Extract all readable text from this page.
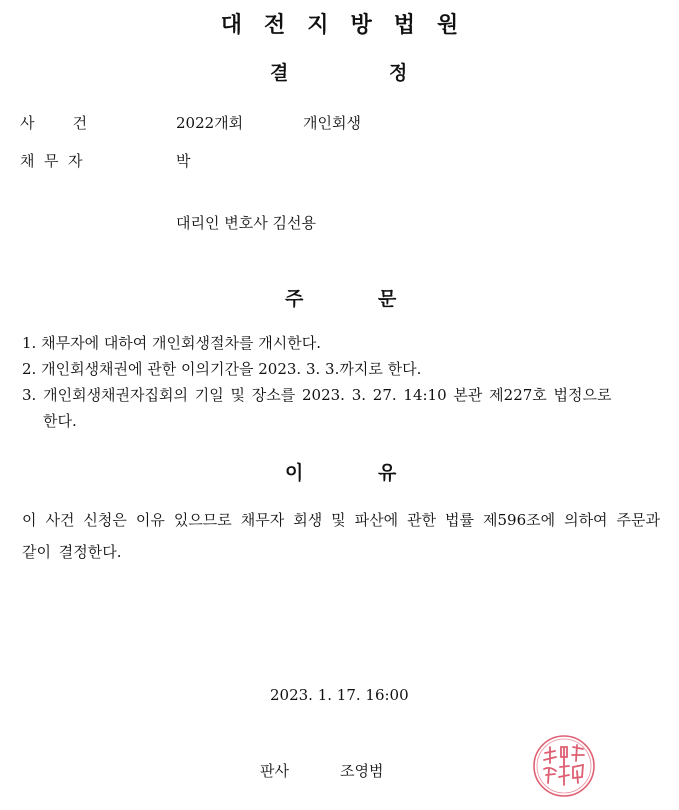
대전지방법원
결	정
사        건	2022개회	개인회생
채  무  자	박
대리인 변호사 김선용
주	문
1. 채무자에 대하여 개인회생절차를 개시한다.
2. 개인회생채권에 관한 이의기간을 2023. 3. 3.까지로 한다.
3. 개인회생채권자집회의 기일 및 장소를 2023. 3. 27. 14:10 본관 제227호 법정으로
한다.
이	유
이 사건 신청은 이유 있으므로 채무자 회생 및 파산에 관한 법률 제596조에 의하여 주문과 같이 결정한다.
2023. 1. 17. 16:00
판사	조영범
